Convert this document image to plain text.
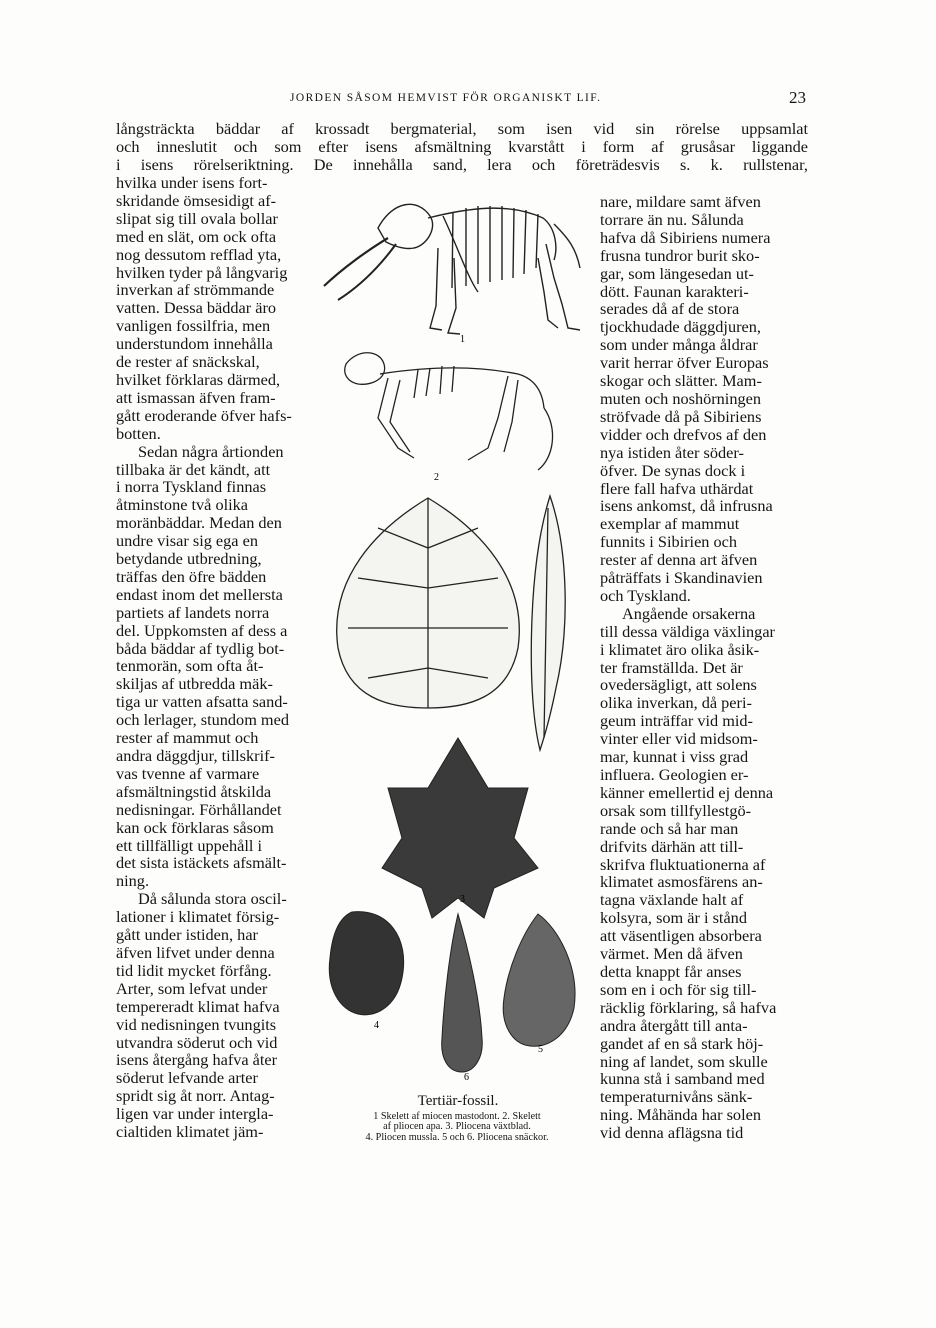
JORDEN SÅSOM HEMVIST FÖR ORGANISKT LIF.	23
långsträckta bäddar af krossadt bergmaterial, som isen vid sin rörelse uppsamlat
och inneslutit och som efter isens afsmältning kvarstått i form af grusåsar liggande
i isens rörelseriktning. De innehålla sand, lera och företrädesvis s. k. rullstenar,
hvilka under isens fort-
skridande ömsesidigt af-
slipat sig till ovala bollar
med en slät, om ock ofta
nog dessutom refflad yta,
hvilken tyder på långvarig
inverkan af strömmande
vatten. Dessa bäddar äro
vanligen fossilfria, men
understundom innehålla
de rester af snäckskal,
hvilket förklaras därmed,
att ismassan äfven fram-
gått eroderande öfver hafs-
botten.
Sedan några årtionden
tillbaka är det kändt, att
i norra Tyskland finnas
åtminstone två olika
moränbäddar. Medan den
undre visar sig ega en
betydande utbredning,
träffas den öfre bädden
endast inom det mellersta
partiets af landets norra
del. Uppkomsten af dess a
båda bäddar af tydlig bot-
tenmorän, som ofta åt-
skiljas af utbredda mäk-
tiga ur vatten afsatta sand-
och lerlager, stundom med
rester af mammut och
andra däggdjur, tillskrif-
vas tvenne af varmare
afsmältningstid åtskilda
nedisningar. Förhållandet
kan ock förklaras såsom
ett tillfälligt uppehåll i
det sista istäckets afsmält-
ning.
Då sålunda stora oscil-
lationer i klimatet försig-
gått under istiden, har
äfven lifvet under denna
tid lidit mycket förfång.
Arter, som lefvat under
tempereradt klimat hafva
vid nedisningen tvungits
utvandra söderut och vid
isens återgång hafva åter
söderut lefvande arter
spridt sig åt norr. Antag-
ligen var under intergla-
cialtiden klimatet jäm-
nare, mildare samt äfven
torrare än nu. Sålunda
hafva då Sibiriens numera
frusna tundror burit sko-
gar, som längesedan ut-
dött. Faunan karakteri-
serades då af de stora
tjockhudade däggdjuren,
som under många åldrar
varit herrar öfver Europas
skogar och slätter. Mam-
muten och noshörningen
ströfvade då på Sibiriens
vidder och drefvos af den
nya istiden åter söder-
öfver. De synas dock i
flere fall hafva uthärdat
isens ankomst, då infrusna
exemplar af mammut
funnits i Sibirien och
rester af denna art äfven
påträffats i Skandinavien
och Tyskland.
Angående orsakerna
till dessa väldiga växlingar
i klimatet äro olika åsik-
ter framställda. Det är
ovedersägligt, att solens
olika inverkan, då peri-
geum inträffar vid mid-
vinter eller vid midsom-
mar, kunnat i viss grad
influera. Geologien er-
känner emellertid ej denna
orsak som tillfyllestgö-
rande och så har man
drifvits därhän att till-
skrifva fluktuationerna af
klimatet asmosfärens an-
tagna växlande halt af
kolsyra, som är i stånd
att väsentligen absorbera
värmet. Men då äfven
detta knappt får anses
som en i och för sig till-
räcklig förklaring, så hafva
andra återgått till anta-
gandet af en så stark höj-
ning af landet, som skulle
kunna stå i samband med
temperaturnivåns sänk-
ning. Måhända har solen
vid denna aflägsna tid
1
2
3
4
5
6
Tertiär-fossil.
1 Skelett af miocen mastodont. 2. Skelett
af pliocen apa. 3. Pliocena växtblad.
4. Pliocen mussla. 5 och 6. Pliocena snäckor.
